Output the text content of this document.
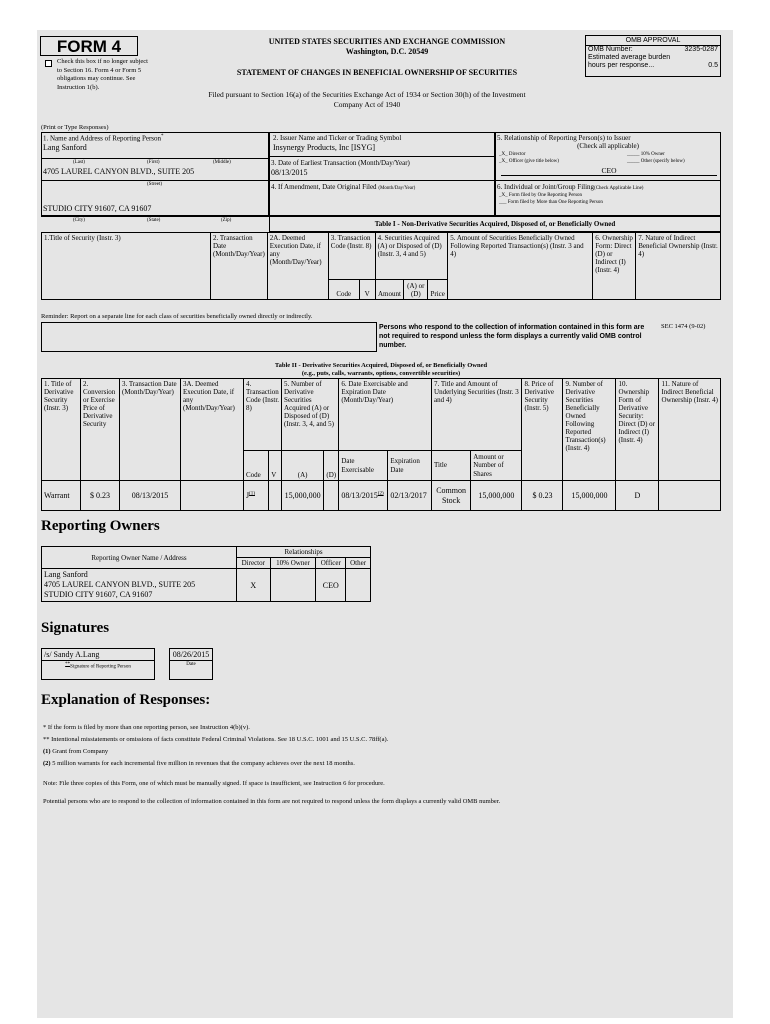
FORM 4
Check this box if no longer subject to Section 16. Form 4 or Form 5 obligations may continue. See Instruction 1(b).
UNITED STATES SECURITIES AND EXCHANGE COMMISSION
Washington, D.C. 20549
STATEMENT OF CHANGES IN BENEFICIAL OWNERSHIP OF SECURITIES
Filed pursuant to Section 16(a) of the Securities Exchange Act of 1934 or Section 30(h) of the Investment
Company Act of 1940
OMB APPROVAL
OMB Number:	3235-0287
Estimated average burden
hours per response...	0.5
(Print or Type Responses)
1. Name and Address of Reporting Person*
Lang Sanford
(Last)	(First)	(Middle)
4705 LAUREL CANYON BLVD., SUITE 205
(Street)
STUDIO CITY 91607, CA 91607
(City)	(State)	(Zip)
2. Issuer Name and Ticker or Trading Symbol
Insynergy Products, Inc [ISYG]
3. Date of Earliest Transaction (Month/Day/Year)
08/13/2015
4. If Amendment, Date Original Filed (Month/Day/Year)
5. Relationship of Reporting Person(s) to Issuer
(Check all applicable)
_X_ Director	_____ 10% Owner
_X_ Officer (give title below)	_____ Other (specify below)
CEO
6. Individual or Joint/Group Filing(Check Applicable Line)
_X_ Form filed by One Reporting Person
___ Form filed by More than One Reporting Person
Table I - Non-Derivative Securities Acquired, Disposed of, or Beneficially Owned
1.Title of Security (Instr. 3)	2. Transaction Date (Month/Day/Year)	2A. Deemed Execution Date, if any (Month/Day/Year)	3. Transaction Code (Instr. 8)		4. Securities Acquired (A) or Disposed of (D) (Instr. 3, 4 and 5)			5. Amount of Securities Beneficially Owned Following Reported Transaction(s) (Instr. 3 and 4)	6. Ownership Form: Direct (D) or Indirect (I) (Instr. 4)	7. Nature of Indirect Beneficial Ownership (Instr. 4)
			Code	V	Amount	(A) or (D)	Price			
Reminder: Report on a separate line for each class of securities beneficially owned directly or indirectly.
Persons who respond to the collection of information contained in this form are not required to respond unless the form displays a currently valid OMB control number.
SEC 1474 (9-02)
Table II - Derivative Securities Acquired, Disposed of, or Beneficially Owned
(e.g., puts, calls, warrants, options, convertible securities)
1. Title of Derivative Security (Instr. 3)	2. Conversion or Exercise Price of Derivative Security	3. Transaction Date (Month/Day/Year)	3A. Deemed Execution Date, if any (Month/Day/Year)	4. Transaction Code (Instr. 8)		5. Number of Derivative Securities Acquired (A) or Disposed of (D) (Instr. 3, 4, and 5)		6. Date Exercisable and Expiration Date (Month/Day/Year)		7. Title and Amount of Underlying Securities (Instr. 3 and 4)		8. Price of Derivative Security (Instr. 5)	9. Number of Derivative Securities Beneficially Owned Following Reported Transaction(s) (Instr. 4)	10. Ownership Form of Derivative Security: Direct (D) or Indirect (I) (Instr. 4)	11. Nature of Indirect Beneficial Ownership (Instr. 4)
				Code	V	(A)	(D)	Date Exercisable	Expiration Date	Title	Amount or Number of Shares				
Warrant	$ 0.23	08/13/2015		J$^{(1)}$		15,000,000		08/13/2015$^{(2)}$	02/13/2017	Common Stock	15,000,000	$ 0.23	15,000,000	D	
Reporting Owners
Reporting Owner Name / Address	Relationships			
	Director	10% Owner	Officer	Other

Lang Sanford
4705 LAUREL CANYON BLVD., SUITE 205
STUDIO CITY 91607, CA 91607	X		CEO	
Signatures
/s/ Sandy A.Lang		08/26/2015
**Signature of Reporting Person		Date
Explanation of Responses:
* If the form is filed by more than one reporting person, see Instruction 4(b)(v).
** Intentional misstatements or omissions of facts constitute Federal Criminal Violations. See 18 U.S.C. 1001 and 15 U.S.C. 78ff(a).
(1) Grant from Company
(2) 5 million warrants for each incremental five million in revenues that the company achieves over the next 18 months.
Note: File three copies of this Form, one of which must be manually signed. If space is insufficient, see Instruction 6 for procedure.
Potential persons who are to respond to the collection of information contained in this form are not required to respond unless the form displays a currently valid OMB number.
